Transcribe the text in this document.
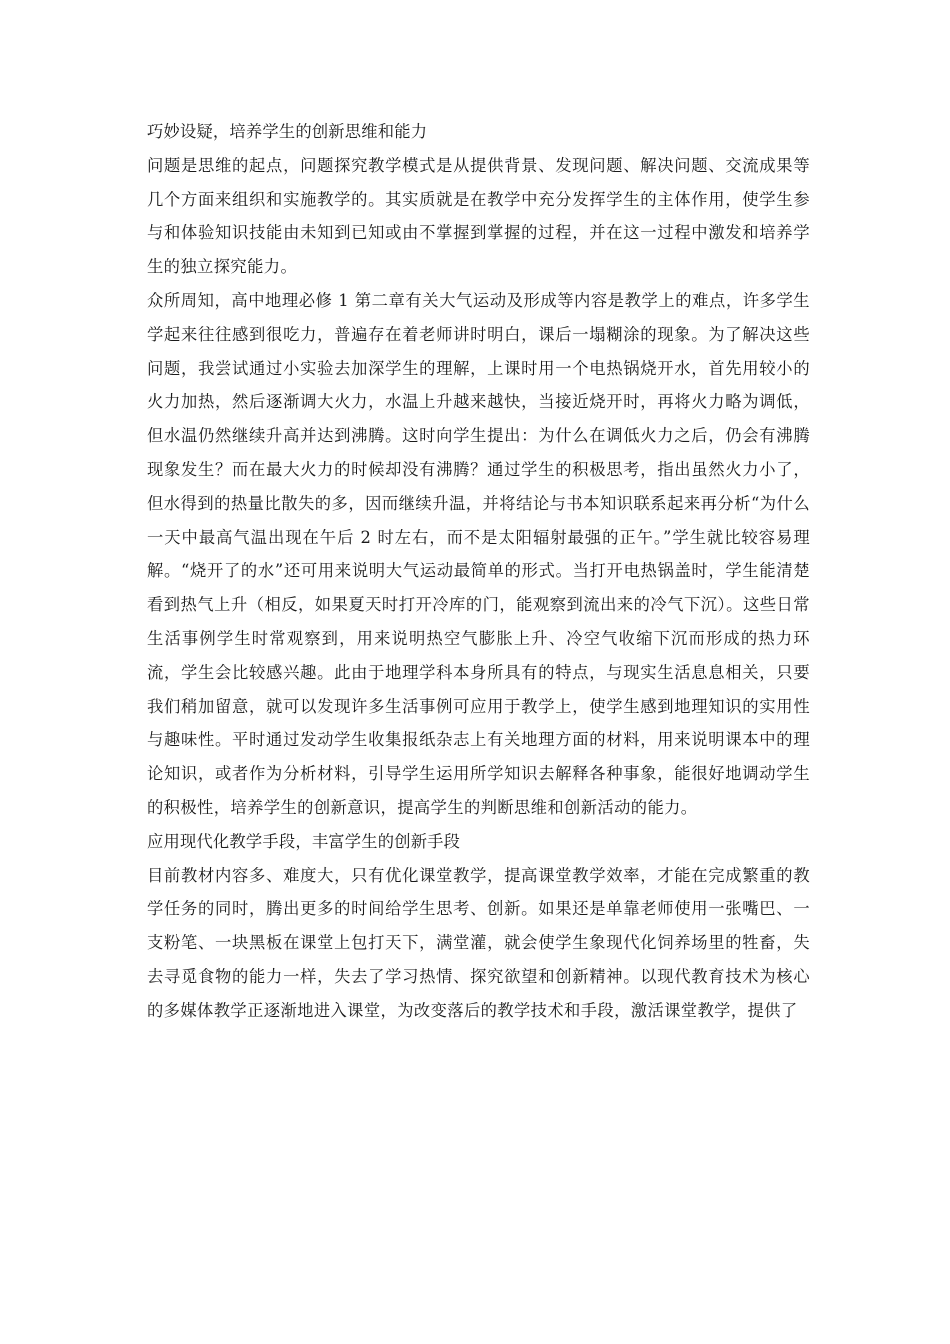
巧妙设疑，培养学生的创新思维和能力

问题是思维的起点，问题探究教学模式是从提供背景、发现问题、解决问题、交流成果等几个方面来组织和实施教学的。其实质就是在教学中充分发挥学生的主体作用，使学生参与和体验知识技能由未知到已知或由不掌握到掌握的过程，并在这一过程中激发和培养学生的独立探究能力。

众所周知，高中地理必修 1 第二章有关大气运动及形成等内容是教学上的难点，许多学生学起来往往感到很吃力，普遍存在着老师讲时明白，课后一塌糊涂的现象。为了解决这些问题，我尝试通过小实验去加深学生的理解，上课时用一个电热锅烧开水，首先用较小的火力加热，然后逐渐调大火力，水温上升越来越快，当接近烧开时，再将火力略为调低，但水温仍然继续升高并达到沸腾。这时向学生提出：为什么在调低火力之后，仍会有沸腾现象发生？而在最大火力的时候却没有沸腾？通过学生的积极思考，指出虽然火力小了，但水得到的热量比散失的多，因而继续升温，并将结论与书本知识联系起来再分析“为什么一天中最高气温出现在午后 2 时左右，而不是太阳辐射最强的正午。”学生就比较容易理解。“烧开了的水”还可用来说明大气运动最简单的形式。当打开电热锅盖时，学生能清楚看到热气上升（相反，如果夏天时打开冷库的门，能观察到流出来的冷气下沉）。这些日常生活事例学生时常观察到，用来说明热空气膨胀上升、冷空气收缩下沉而形成的热力环流，学生会比较感兴趣。此由于地理学科本身所具有的特点，与现实生活息息相关，只要我们稍加留意，就可以发现许多生活事例可应用于教学上，使学生感到地理知识的实用性与趣味性。平时通过发动学生收集报纸杂志上有关地理方面的材料，用来说明课本中的理论知识，或者作为分析材料，引导学生运用所学知识去解释各种事象，能很好地调动学生的积极性，培养学生的创新意识，提高学生的判断思维和创新活动的能力。

应用现代化教学手段，丰富学生的创新手段

目前教材内容多、难度大，只有优化课堂教学，提高课堂教学效率，才能在完成繁重的教学任务的同时，腾出更多的时间给学生思考、创新。如果还是单靠老师使用一张嘴巴、一支粉笔、一块黑板在课堂上包打天下，满堂灌，就会使学生象现代化饲养场里的牲畜，失去寻觅食物的能力一样，失去了学习热情、探究欲望和创新精神。以现代教育技术为核心的多媒体教学正逐渐地进入课堂，为改变落后的教学技术和手段，激活课堂教学，提供了
